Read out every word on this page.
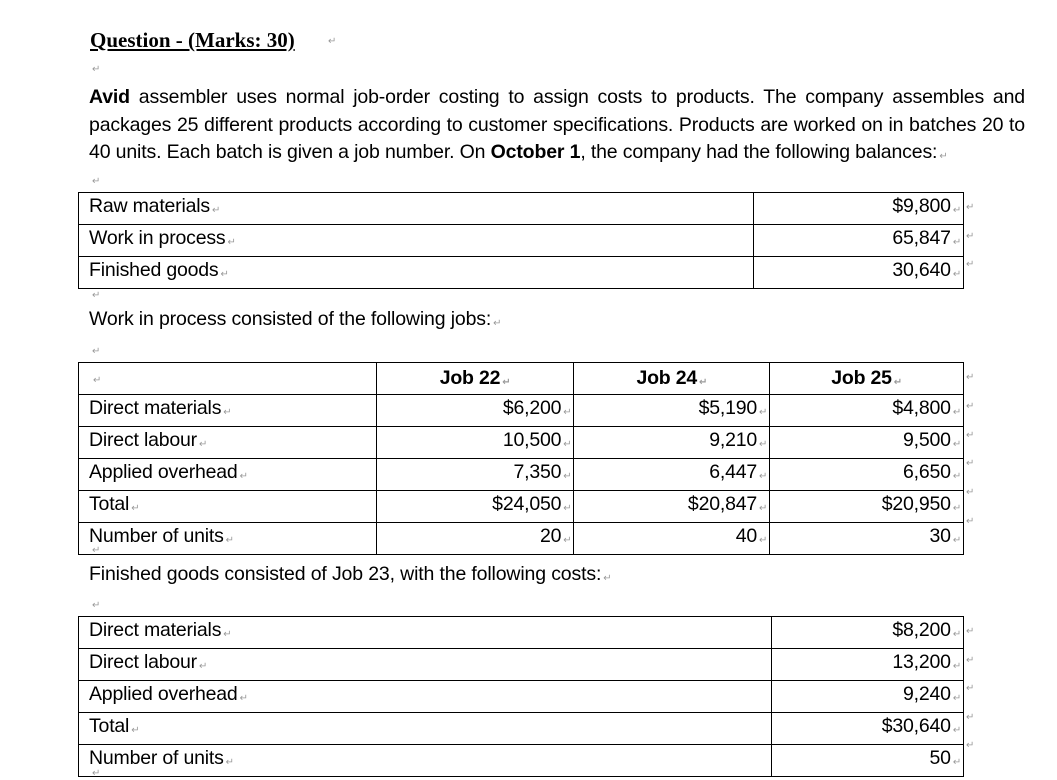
Question - (Marks: 30)	↵
↵

Avid assembler uses normal job-order costing to assign costs to products. The company assembles and packages 25 different products according to customer specifications. Products are worked on in batches 20 to 40 units. Each batch is given a job number. On October 1, the company had the following balances: ↵

↵
Raw materials ↵	$9,800 ↵
Work in process ↵	65,847 ↵
Finished goods ↵	30,640 ↵
↵
↵
↵
↵
Work in process consisted of the following jobs: ↵
↵
↵	Job 22 ↵	Job 24 ↵	Job 25 ↵
Direct materials ↵	$6,200 ↵	$5,190 ↵	$4,800 ↵
Direct labour ↵	10,500 ↵	9,210 ↵	9,500 ↵
Applied overhead ↵	7,350 ↵	6,447 ↵	6,650 ↵
Total ↵	$24,050 ↵	$20,847 ↵	$20,950 ↵
Number of units ↵	20 ↵	40 ↵	30 ↵
↵
↵
↵
↵
↵
↵
↵
Finished goods consisted of Job 23, with the following costs: ↵
↵
Direct materials ↵	$8,200 ↵
Direct labour ↵	13,200 ↵
Applied overhead ↵	9,240 ↵
Total ↵	$30,640 ↵
Number of units ↵	50 ↵
↵
↵
↵
↵
↵
↵
